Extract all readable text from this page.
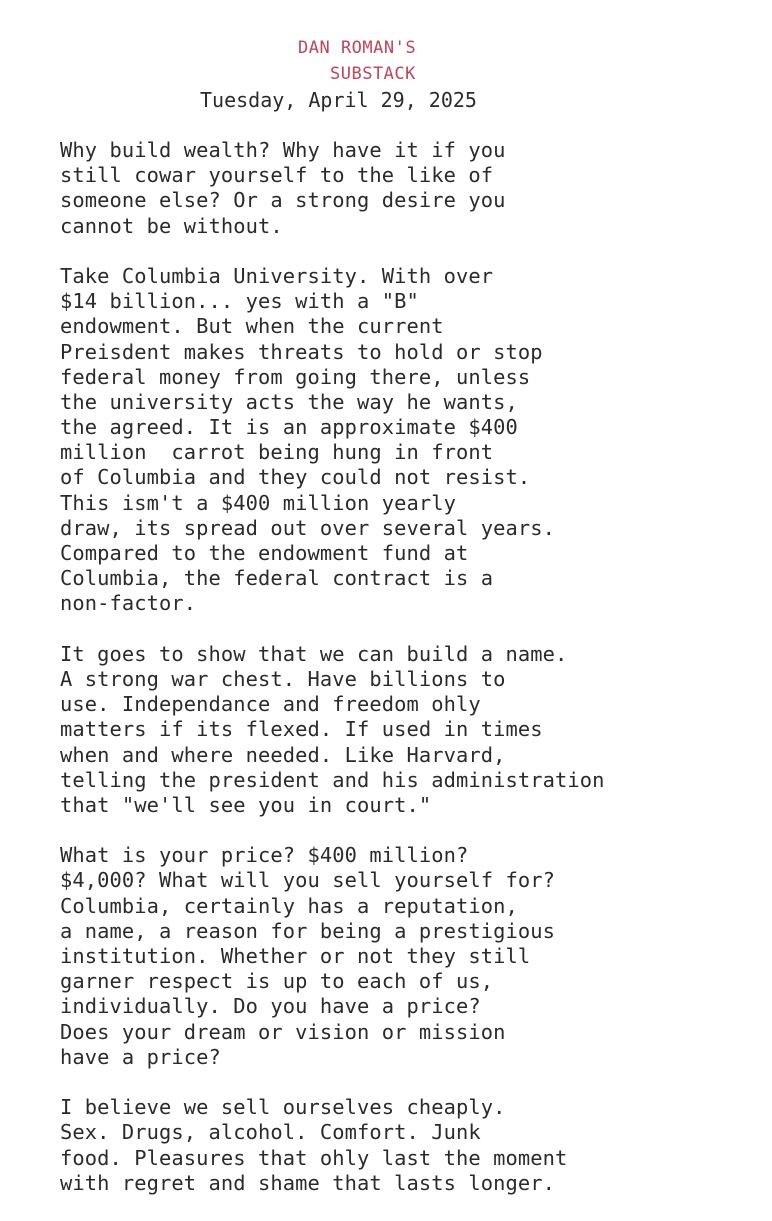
DAN ROMAN'S
SUBSTACK
Tuesday, April 29, 2025
Why build wealth? Why have it if you
still cowar yourself to the like of
someone else? Or a strong desire you
cannot be without.
Take Columbia University. With over
$14 billion... yes with a "B"
endowment. But when the current
Preisdent makes threats to hold or stop
federal money from going there, unless
the university acts the way he wants,
the agreed. It is an approximate $400
million  carrot being hung in front
of Columbia and they could not resist.
This ism't a $400 million yearly
draw, its spread out over several years.
Compared to the endowment fund at
Columbia, the federal contract is a
non-factor.
It goes to show that we can build a name.
A strong war chest. Have billions to
use. Independance and freedom ohly
matters if its flexed. If used in times
when and where needed. Like Harvard,
telling the president and his administration
that "we'll see you in court."
What is your price? $400 million?
$4,000? What will you sell yourself for?
Columbia, certainly has a reputation,
a name, a reason for being a prestigious
institution. Whether or not they still
garner respect is up to each of us,
individually. Do you have a price?
Does your dream or vision or mission
have a price?
I believe we sell ourselves cheaply.
Sex. Drugs, alcohol. Comfort. Junk
food. Pleasures that ohly last the moment
with regret and shame that lasts longer.
